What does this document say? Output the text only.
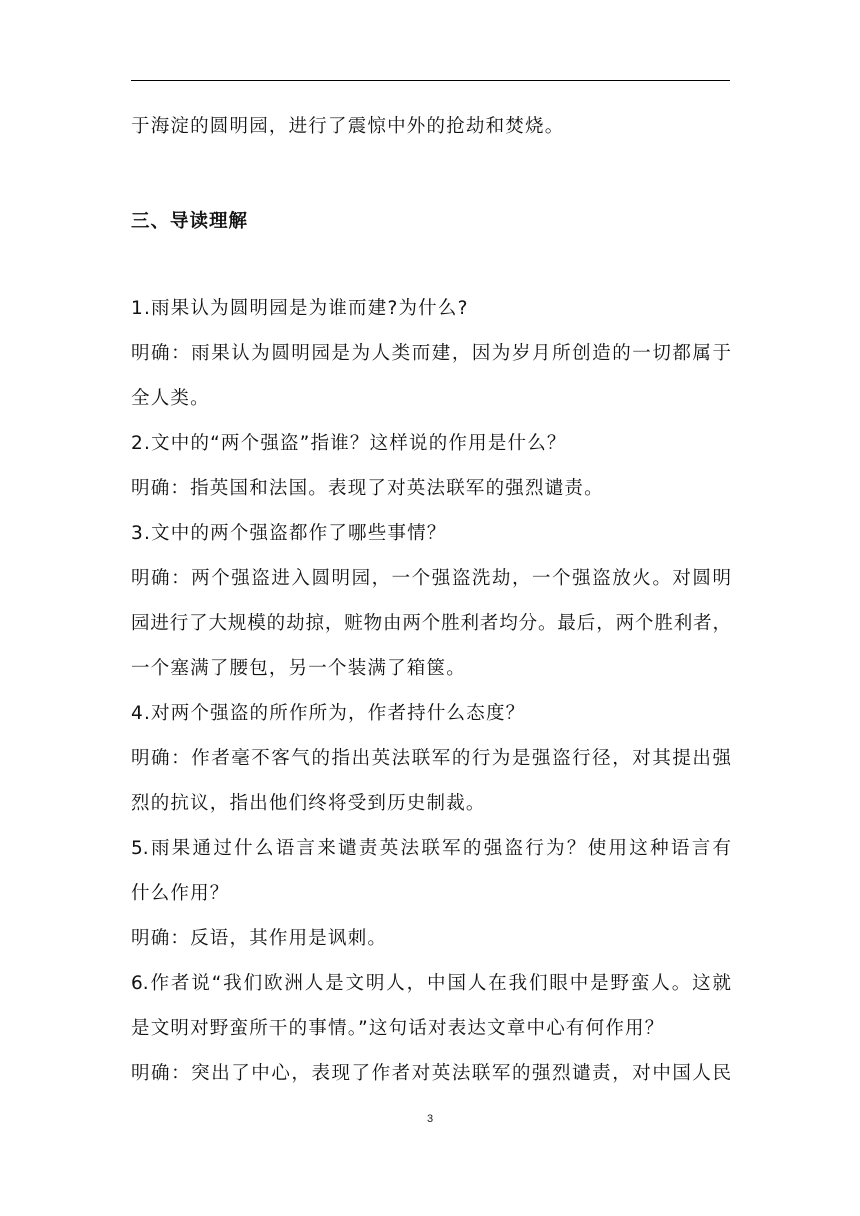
于海淀的圆明园，进行了震惊中外的抢劫和焚烧。
三、导读理解
1.雨果认为圆明园是为谁而建?为什么?
明确：雨果认为圆明园是为人类而建，因为岁月所创造的一切都属于
全人类。
2.文中的“两个强盗”指谁？这样说的作用是什么？
明确：指英国和法国。表现了对英法联军的强烈谴责。
3.文中的两个强盗都作了哪些事情？
明确：两个强盗进入圆明园，一个强盗洗劫，一个强盗放火。对圆明
园进行了大规模的劫掠，赃物由两个胜利者均分。最后，两个胜利者，
一个塞满了腰包，另一个装满了箱箧。
4.对两个强盗的所作所为，作者持什么态度？
明确：作者毫不客气的指出英法联军的行为是强盗行径，对其提出强
烈的抗议，指出他们终将受到历史制裁。
5.雨果通过什么语言来谴责英法联军的强盗行为？使用这种语言有
什么作用？
明确：反语，其作用是讽刺。
6.作者说“我们欧洲人是文明人，中国人在我们眼中是野蛮人。这就
是文明对野蛮所干的事情。”这句话对表达文章中心有何作用？
明确：突出了中心，表现了作者对英法联军的强烈谴责，对中国人民
3
